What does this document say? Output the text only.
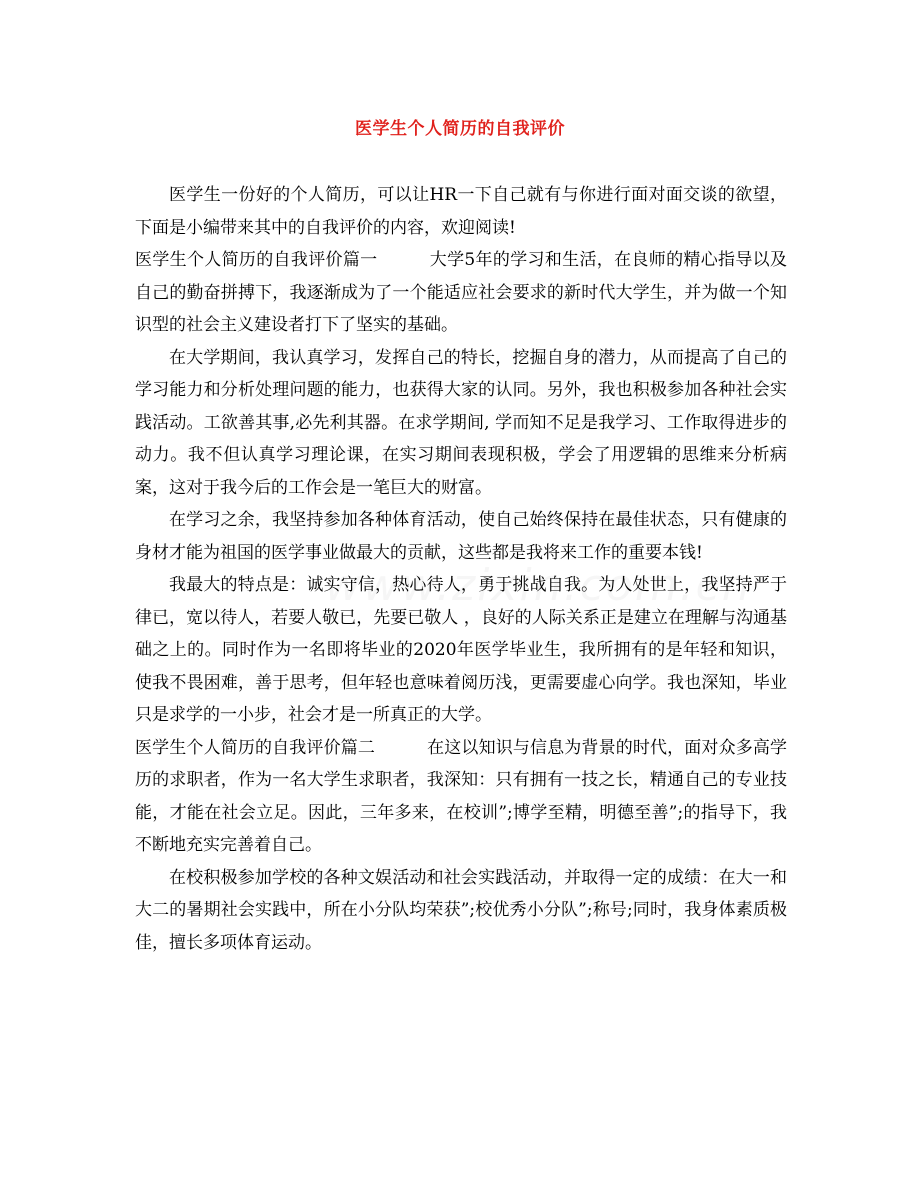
医学生个人简历的自我评价

医学生一份好的个人简历，可以让HR一下自己就有与你进行面对面交谈的欲望，下面是小编带来其中的自我评价的内容，欢迎阅读!

医学生个人简历的自我评价篇一	大学5年的学习和生活，在良师的精心指导以及自己的勤奋拼搏下，我逐渐成为了一个能适应社会要求的新时代大学生，并为做一个知识型的社会主义建设者打下了坚实的基础。

在大学期间，我认真学习，发挥自己的特长，挖掘自身的潜力，从而提高了自己的学习能力和分析处理问题的能力，也获得大家的认同。另外，我也积极参加各种社会实践活动。工欲善其事,必先利其器。在求学期间, 学而知不足是我学习、工作取得进步的动力。我不但认真学习理论课，在实习期间表现积极，学会了用逻辑的思维来分析病案，这对于我今后的工作会是一笔巨大的财富。

在学习之余，我坚持参加各种体育活动，使自己始终保持在最佳状态，只有健康的身材才能为祖国的医学事业做最大的贡献，这些都是我将来工作的重要本钱!

我最大的特点是：诚实守信，热心待人，勇于挑战自我。为人处世上，我坚持严于律已，宽以待人，若要人敬已，先要已敬人 ，良好的人际关系正是建立在理解与沟通基础之上的。同时作为一名即将毕业的2020年医学毕业生，我所拥有的是年轻和知识，使我不畏困难，善于思考，但年轻也意味着阅历浅，更需要虚心向学。我也深知，毕业只是求学的一小步，社会才是一所真正的大学。

医学生个人简历的自我评价篇二	在这以知识与信息为背景的时代，面对众多高学历的求职者，作为一名大学生求职者，我深知：只有拥有一技之长，精通自己的专业技能，才能在社会立足。因此，三年多来，在校训”;博学至精，明德至善”;的指导下，我不断地充实完善着自己。

在校积极参加学校的各种文娱活动和社会实践活动，并取得一定的成绩：在大一和大二的暑期社会实践中，所在小分队均荣获”;校优秀小分队”;称号;同时，我身体素质极佳，擅长多项体育运动。
